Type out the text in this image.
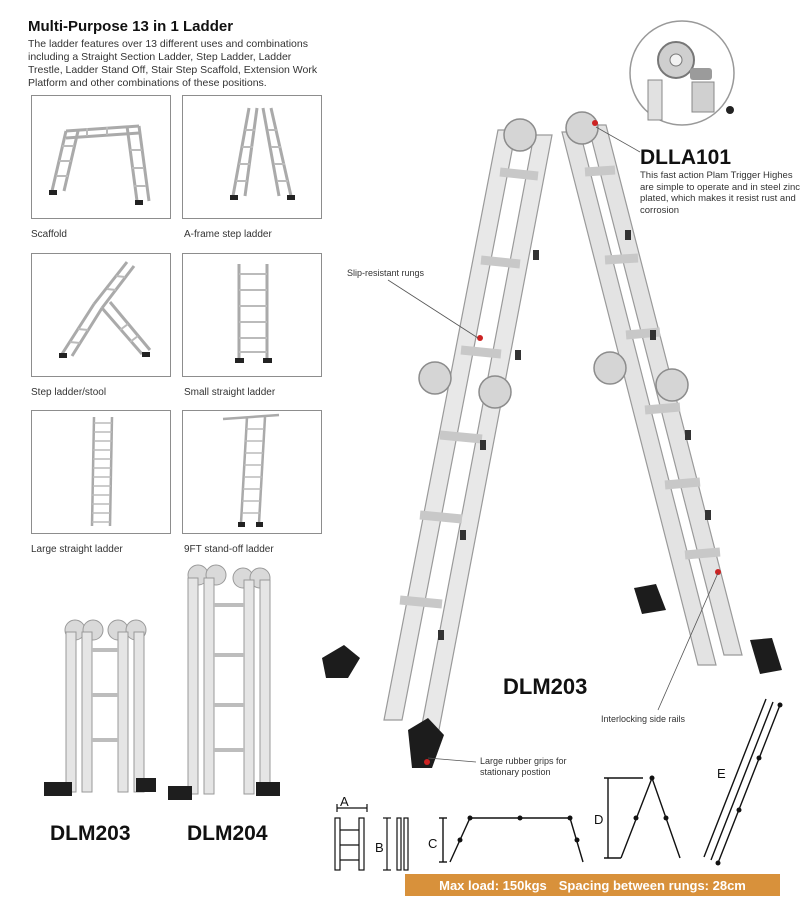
Multi-Purpose 13 in 1 Ladder
The ladder features over 13 different uses and combinations including a Straight Section Ladder, Step Ladder, Ladder Trestle, Ladder Stand Off, Stair Step Scaffold, Extension Work Platform and other combinations of these positions.
Scaffold	A-frame step ladder
Step ladder/stool	Small straight ladder
Large straight ladder	9FT stand-off ladder
DLM203	DLM204
DLLA101
This fast action Plam Trigger Highes are simple to operate and in steel zinc plated, which makes it resist rust and corrosion
Slip-resistant rungs
Interlocking side rails
Large rubber grips for stationary postion
DLM203
A
B	C
D
E
Max load: 150kgs Spacing between rungs: 28cm
